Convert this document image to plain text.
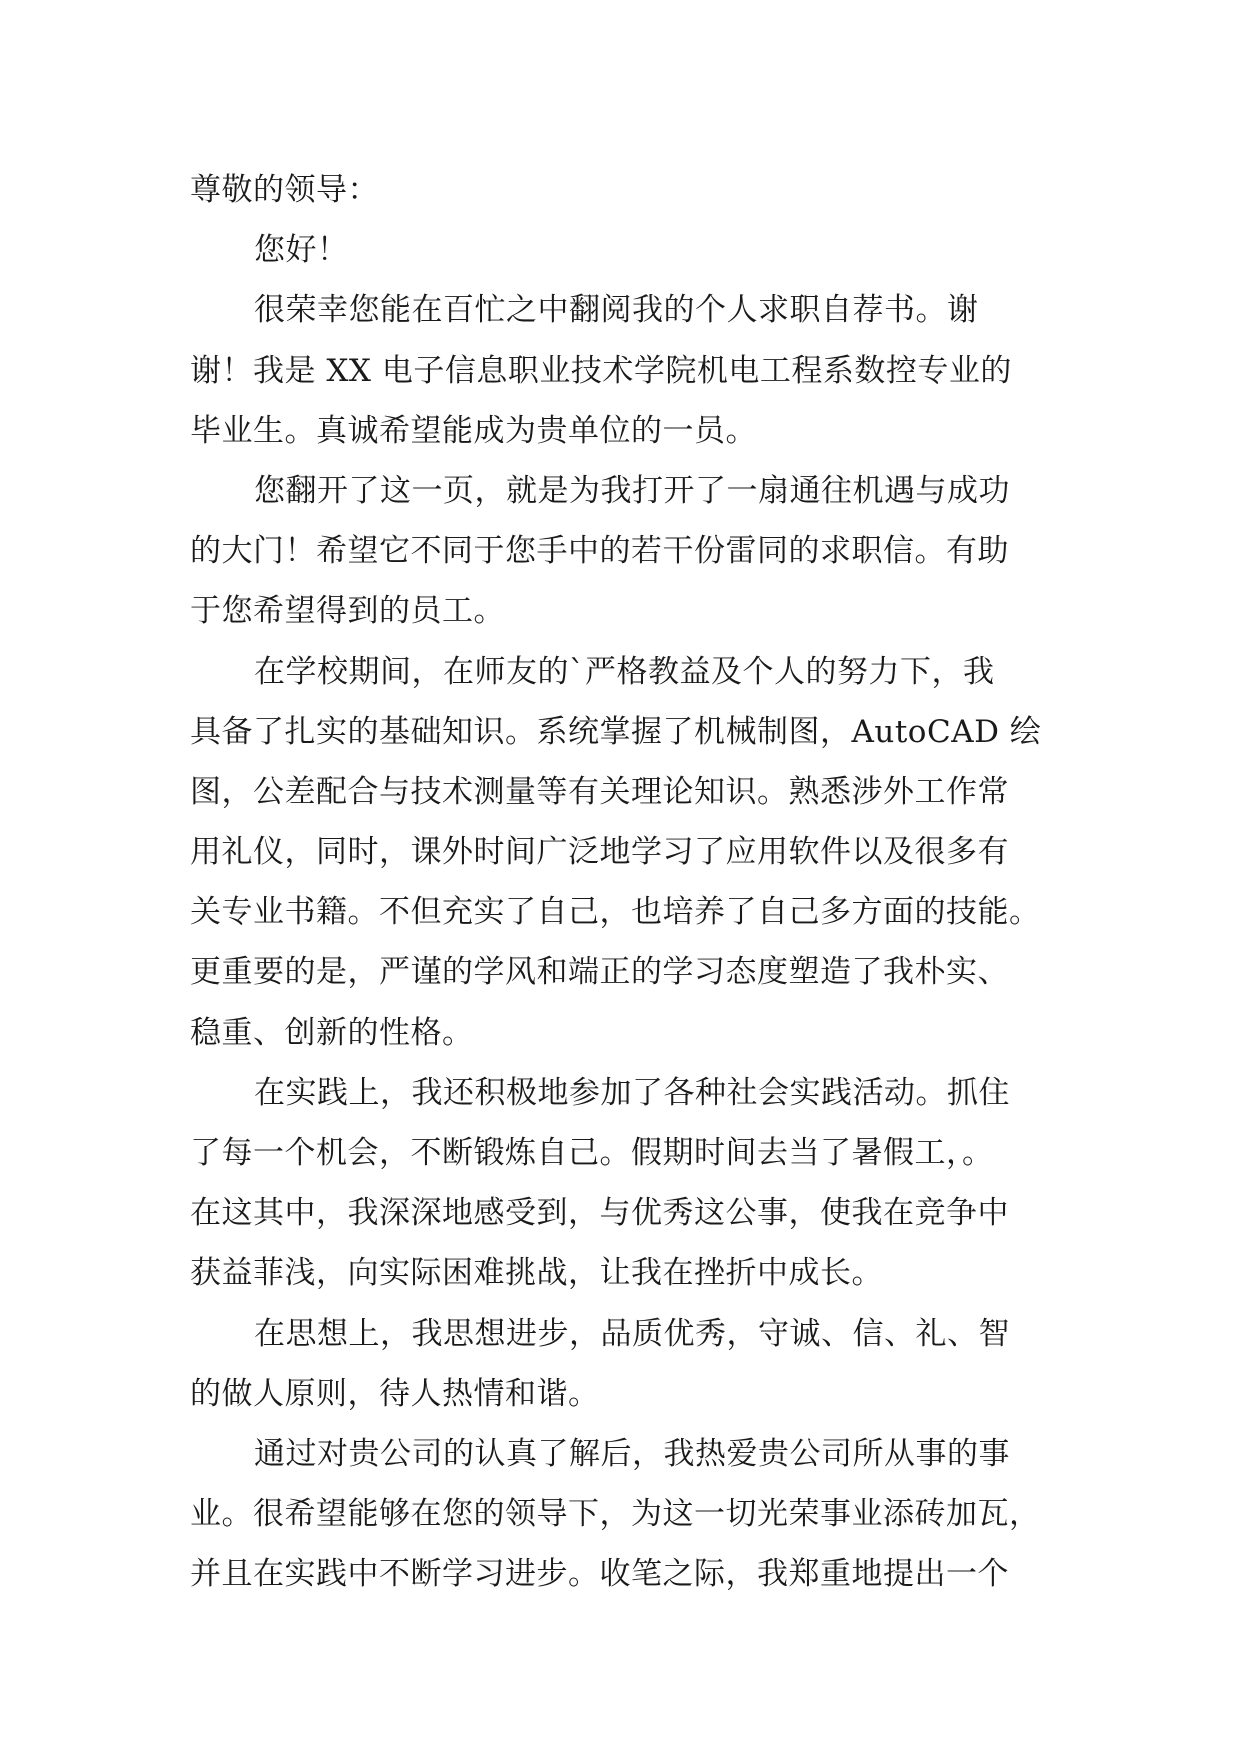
尊敬的领导：
您好！
很荣幸您能在百忙之中翻阅我的个人求职自荐书。谢
谢！我是 XX 电子信息职业技术学院机电工程系数控专业的
毕业生。真诚希望能成为贵单位的一员。
您翻开了这一页，就是为我打开了一扇通往机遇与成功
的大门！希望它不同于您手中的若干份雷同的求职信。有助
于您希望得到的员工。
在学校期间，在师友的`严格教益及个人的努力下，我
具备了扎实的基础知识。系统掌握了机械制图，AutoCAD 绘
图，公差配合与技术测量等有关理论知识。熟悉涉外工作常
用礼仪，同时，课外时间广泛地学习了应用软件以及很多有
关专业书籍。不但充实了自己，也培养了自己多方面的技能。
更重要的是，严谨的学风和端正的学习态度塑造了我朴实、
稳重、创新的性格。
在实践上，我还积极地参加了各种社会实践活动。抓住
了每一个机会，不断锻炼自己。假期时间去当了暑假工，。
在这其中，我深深地感受到，与优秀这公事，使我在竞争中
获益菲浅，向实际困难挑战，让我在挫折中成长。
在思想上，我思想进步，品质优秀，守诚、信、礼、智
的做人原则，待人热情和谐。
通过对贵公司的认真了解后，我热爱贵公司所从事的事
业。很希望能够在您的领导下，为这一切光荣事业添砖加瓦，
并且在实践中不断学习进步。收笔之际，我郑重地提出一个
